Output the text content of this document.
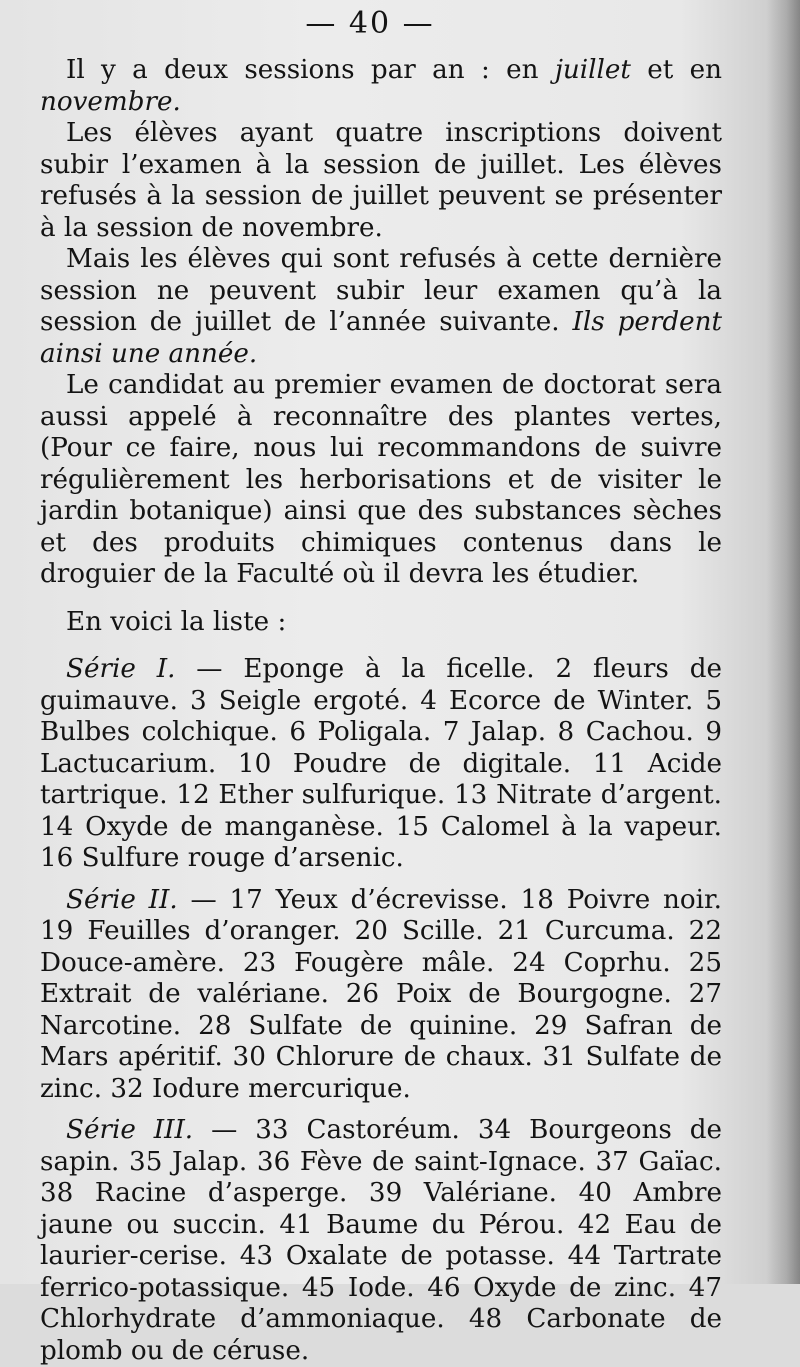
— 40 —

Il y a deux sessions par an : en juillet et en novembre.

Les élèves ayant quatre inscriptions doivent subir l’examen à la session de juillet. Les élèves refusés à la session de juillet peuvent se présenter à la session de novembre.

Mais les élèves qui sont refusés à cette dernière session ne peuvent subir leur examen qu’à la session de juillet de l’année suivante. Ils perdent ainsi une année.

Le candidat au premier evamen de doctorat sera aussi appelé à reconnaître des plantes vertes, (Pour ce faire, nous lui recommandons de suivre régulièrement les herborisations et de visiter le jardin botanique) ainsi que des substances sèches et des produits chimiques contenus dans le droguier de la Faculté où il devra les étudier.

En voici la liste :

Série I. — Eponge à la ficelle. 2 fleurs de guimauve. 3 Seigle ergoté. 4 Ecorce de Winter. 5 Bulbes colchique. 6 Poligala. 7 Jalap. 8 Cachou. 9 Lactucarium. 10 Poudre de digitale. 11 Acide tartrique. 12 Ether sulfurique. 13 Nitrate d’argent. 14 Oxyde de manganèse. 15 Calomel à la vapeur. 16 Sulfure rouge d’arsenic.

Série II. — 17 Yeux d’écrevisse. 18 Poivre noir. 19 Feuilles d’oranger. 20 Scille. 21 Curcuma. 22 Douce-amère. 23 Fougère mâle. 24 Coprhu. 25 Extrait de valériane. 26 Poix de Bourgogne. 27 Narcotine. 28 Sulfate de quinine. 29 Safran de Mars apéritif. 30 Chlorure de chaux. 31 Sulfate de zinc. 32 Iodure mercurique.

Série III. — 33 Castoréum. 34 Bourgeons de sapin. 35 Jalap. 36 Fève de saint-Ignace. 37 Gaïac. 38 Racine d’asperge. 39 Valériane. 40 Ambre jaune ou succin. 41 Baume du Pérou. 42 Eau de laurier-cerise. 43 Oxalate de potasse. 44 Tartrate ferrico-potassique. 45 Iode. 46 Oxyde de zinc. 47 Chlorhydrate d’ammoniaque. 48 Carbonate de plomb ou de céruse.
